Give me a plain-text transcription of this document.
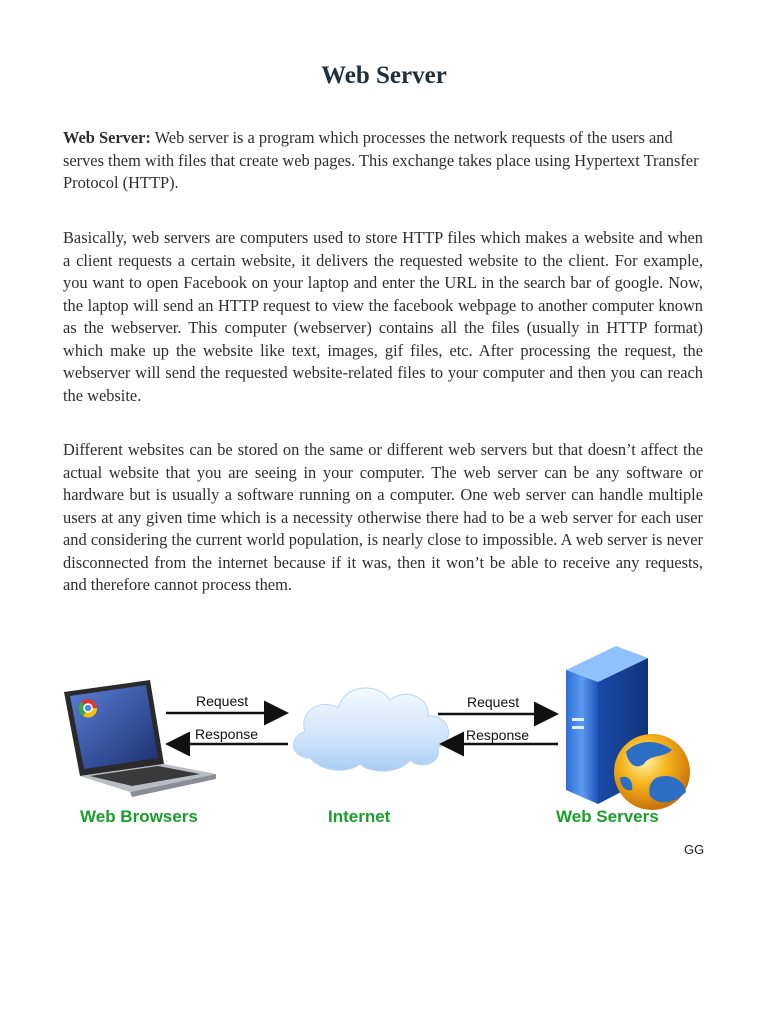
Web Server

Web Server: Web server is a program which processes the network requests of the users and serves them with files that create web pages. This exchange takes place using Hypertext Transfer Protocol (HTTP).

Basically, web servers are computers used to store HTTP files which makes a website and when a client requests a certain website, it delivers the requested website to the client. For example, you want to open Facebook on your laptop and enter the URL in the search bar of google. Now, the laptop will send an HTTP request to view the facebook webpage to another computer known as the webserver. This computer (webserver) contains all the files (usually in HTTP format) which make up the website like text, images, gif files, etc. After processing the request, the webserver will send the requested website-related files to your computer and then you can reach the website.

Different websites can be stored on the same or different web servers but that doesn’t affect the actual website that you are seeing in your computer. The web server can be any software or hardware but is usually a software running on a computer. One web server can handle multiple users at any given time which is a necessity otherwise there had to be a web server for each user and considering the current world population, is nearly close to impossible. A web server is never disconnected from the internet because if it was, then it won’t be able to receive any requests, and therefore cannot process them.

Request
Response
Request
Response
Web Browsers	Internet	Web Servers
GG
